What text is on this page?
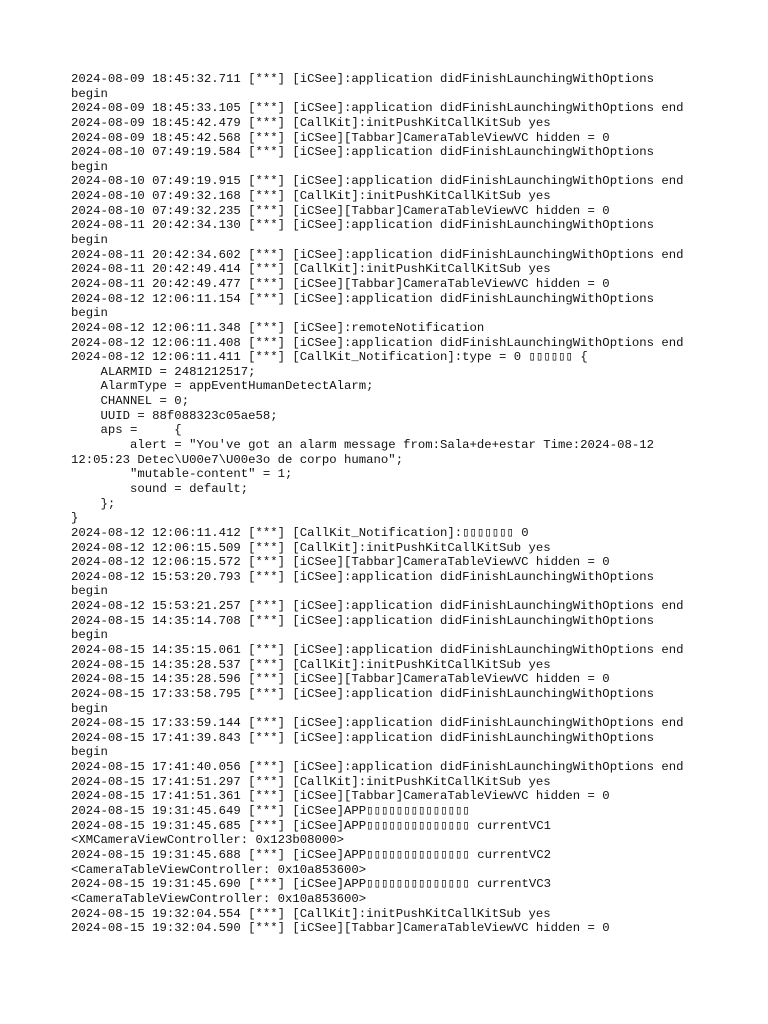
2024-08-09 18:45:32.711 [***] [iCSee]:application didFinishLaunchingWithOptions
begin
2024-08-09 18:45:33.105 [***] [iCSee]:application didFinishLaunchingWithOptions end
2024-08-09 18:45:42.479 [***] [CallKit]:initPushKitCallKitSub yes
2024-08-09 18:45:42.568 [***] [iCSee][Tabbar]CameraTableViewVC hidden = 0
2024-08-10 07:49:19.584 [***] [iCSee]:application didFinishLaunchingWithOptions
begin
2024-08-10 07:49:19.915 [***] [iCSee]:application didFinishLaunchingWithOptions end
2024-08-10 07:49:32.168 [***] [CallKit]:initPushKitCallKitSub yes
2024-08-10 07:49:32.235 [***] [iCSee][Tabbar]CameraTableViewVC hidden = 0
2024-08-11 20:42:34.130 [***] [iCSee]:application didFinishLaunchingWithOptions
begin
2024-08-11 20:42:34.602 [***] [iCSee]:application didFinishLaunchingWithOptions end
2024-08-11 20:42:49.414 [***] [CallKit]:initPushKitCallKitSub yes
2024-08-11 20:42:49.477 [***] [iCSee][Tabbar]CameraTableViewVC hidden = 0
2024-08-12 12:06:11.154 [***] [iCSee]:application didFinishLaunchingWithOptions
begin
2024-08-12 12:06:11.348 [***] [iCSee]:remoteNotification
2024-08-12 12:06:11.408 [***] [iCSee]:application didFinishLaunchingWithOptions end
2024-08-12 12:06:11.411 [***] [CallKit_Notification]:type = 0 ▯▯▯▯▯▯ {
ALARMID = 2481212517;
AlarmType = appEventHumanDetectAlarm;
CHANNEL = 0;
UUID = 88f088323c05ae58;
aps =     {
alert = "You've got an alarm message from:Sala+de+estar Time:2024-08-12
12:05:23 Detec\U00e7\U00e3o de corpo humano";
"mutable-content" = 1;
sound = default;
};
}
2024-08-12 12:06:11.412 [***] [CallKit_Notification]:▯▯▯▯▯▯▯ 0
2024-08-12 12:06:15.509 [***] [CallKit]:initPushKitCallKitSub yes
2024-08-12 12:06:15.572 [***] [iCSee][Tabbar]CameraTableViewVC hidden = 0
2024-08-12 15:53:20.793 [***] [iCSee]:application didFinishLaunchingWithOptions
begin
2024-08-12 15:53:21.257 [***] [iCSee]:application didFinishLaunchingWithOptions end
2024-08-15 14:35:14.708 [***] [iCSee]:application didFinishLaunchingWithOptions
begin
2024-08-15 14:35:15.061 [***] [iCSee]:application didFinishLaunchingWithOptions end
2024-08-15 14:35:28.537 [***] [CallKit]:initPushKitCallKitSub yes
2024-08-15 14:35:28.596 [***] [iCSee][Tabbar]CameraTableViewVC hidden = 0
2024-08-15 17:33:58.795 [***] [iCSee]:application didFinishLaunchingWithOptions
begin
2024-08-15 17:33:59.144 [***] [iCSee]:application didFinishLaunchingWithOptions end
2024-08-15 17:41:39.843 [***] [iCSee]:application didFinishLaunchingWithOptions
begin
2024-08-15 17:41:40.056 [***] [iCSee]:application didFinishLaunchingWithOptions end
2024-08-15 17:41:51.297 [***] [CallKit]:initPushKitCallKitSub yes
2024-08-15 17:41:51.361 [***] [iCSee][Tabbar]CameraTableViewVC hidden = 0
2024-08-15 19:31:45.649 [***] [iCSee]APP▯▯▯▯▯▯▯▯▯▯▯▯▯▯
2024-08-15 19:31:45.685 [***] [iCSee]APP▯▯▯▯▯▯▯▯▯▯▯▯▯▯ currentVC1
<XMCameraViewController: 0x123b08000>
2024-08-15 19:31:45.688 [***] [iCSee]APP▯▯▯▯▯▯▯▯▯▯▯▯▯▯ currentVC2
<CameraTableViewController: 0x10a853600>
2024-08-15 19:31:45.690 [***] [iCSee]APP▯▯▯▯▯▯▯▯▯▯▯▯▯▯ currentVC3
<CameraTableViewController: 0x10a853600>
2024-08-15 19:32:04.554 [***] [CallKit]:initPushKitCallKitSub yes
2024-08-15 19:32:04.590 [***] [iCSee][Tabbar]CameraTableViewVC hidden = 0
